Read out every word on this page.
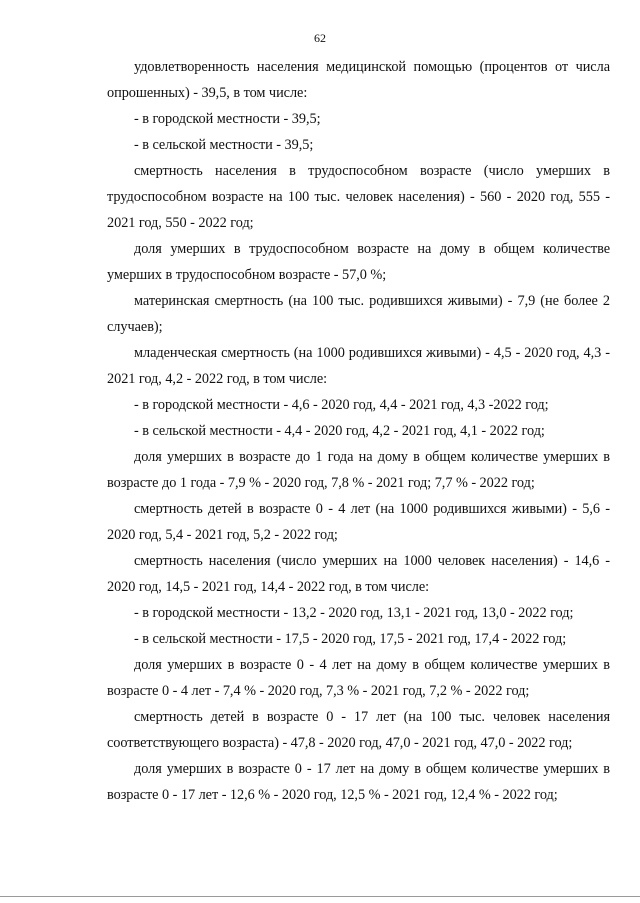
62

удовлетворенность населения медицинской помощью (процентов от числа опрошенных) - 39,5, в том числе:

- в городской местности - 39,5;

- в сельской местности - 39,5;

смертность населения в трудоспособном возрасте (число умерших в трудоспособном возрасте на 100 тыс. человек населения) - 560 - 2020 год, 555 - 2021 год, 550 - 2022 год;

доля умерших в трудоспособном возрасте на дому в общем количестве умерших в трудоспособном возрасте - 57,0 %;

материнская смертность (на 100 тыс. родившихся живыми) - 7,9 (не более 2 случаев);

младенческая смертность (на 1000 родившихся живыми) - 4,5 - 2020 год, 4,3 - 2021 год, 4,2 - 2022 год, в том числе:

- в городской местности - 4,6 - 2020 год, 4,4 - 2021 год, 4,3 -2022 год;

- в сельской местности - 4,4 - 2020 год, 4,2 - 2021 год, 4,1 - 2022 год;

доля умерших в возрасте до 1 года на дому в общем количестве умерших в возрасте до 1 года - 7,9 % - 2020 год, 7,8 % - 2021 год; 7,7 % - 2022 год;

смертность детей в возрасте 0 - 4 лет (на 1000 родившихся живыми) - 5,6 - 2020 год, 5,4 - 2021 год, 5,2 - 2022 год;

смертность населения (число умерших на 1000 человек населения) - 14,6 - 2020 год, 14,5 - 2021 год, 14,4 - 2022 год, в том числе:

- в городской местности - 13,2 - 2020 год, 13,1 - 2021 год, 13,0 - 2022 год;

- в сельской местности - 17,5 - 2020 год, 17,5 - 2021 год, 17,4 - 2022 год;

доля умерших в возрасте 0 - 4 лет на дому в общем количестве умерших в возрасте 0 - 4 лет - 7,4 % - 2020 год, 7,3 % - 2021 год, 7,2 % - 2022 год;

смертность детей в возрасте 0 - 17 лет (на 100 тыс. человек населения соответствующего возраста) - 47,8 - 2020 год, 47,0 - 2021 год, 47,0 - 2022 год;

доля умерших в возрасте 0 - 17 лет на дому в общем количестве умерших в возрасте 0 - 17 лет - 12,6 % - 2020 год, 12,5 % - 2021 год, 12,4 % - 2022 год;
